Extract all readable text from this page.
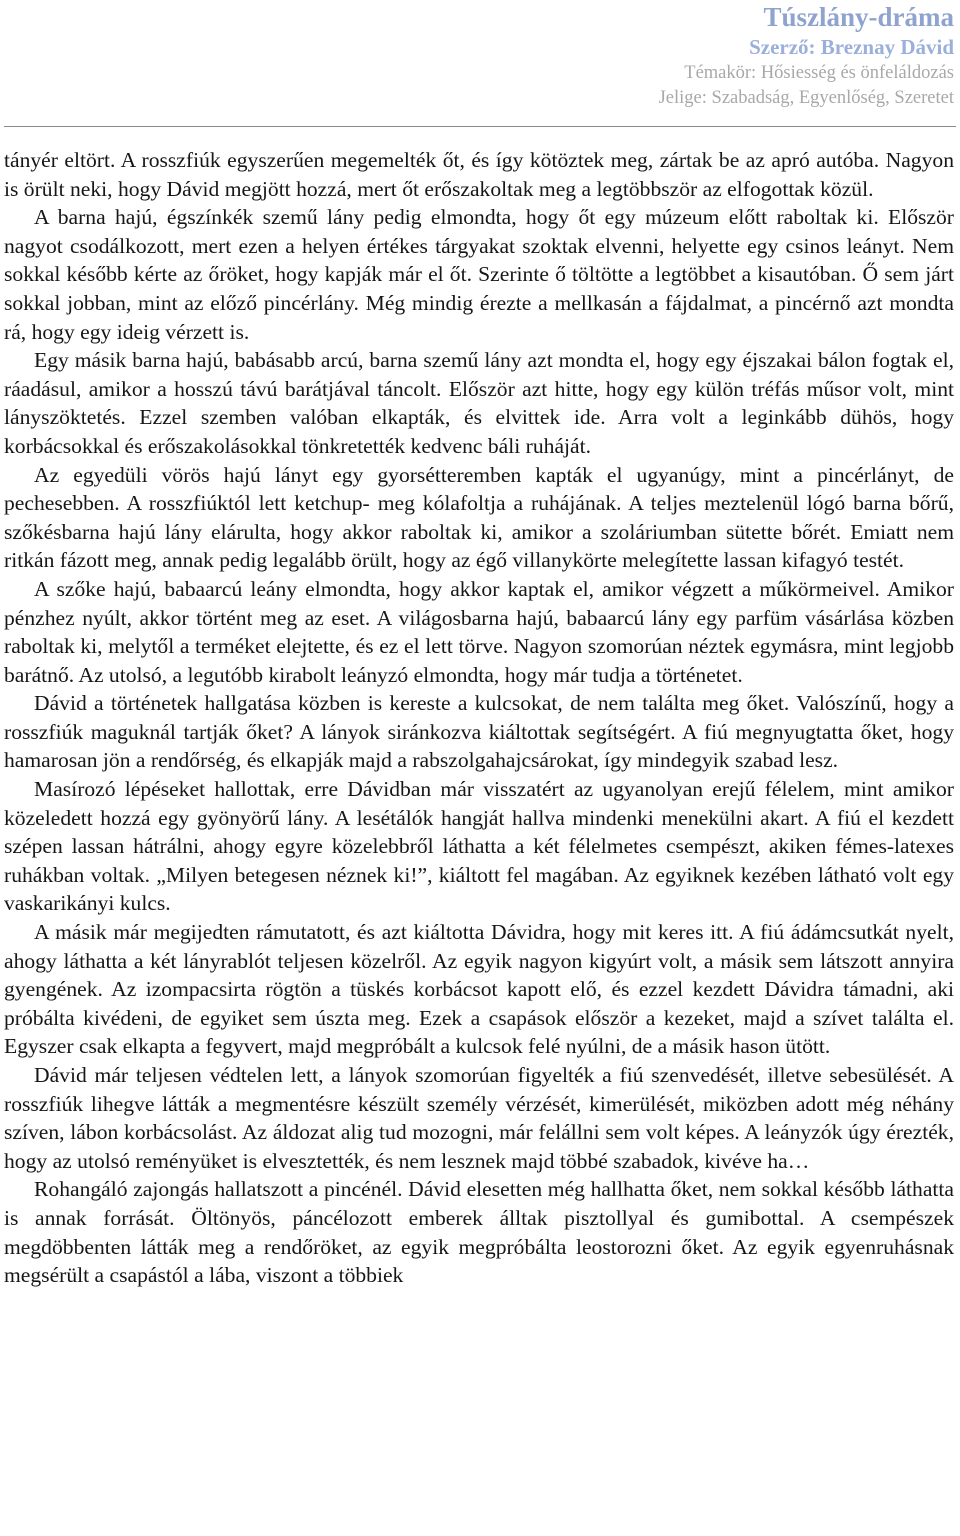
Túszlány-dráma
Szerző: Breznay Dávid
Témakör: Hősiesség és önfeláldozás
Jelige: Szabadság, Egyenlőség, Szeretet

tányér eltört. A rosszfiúk egyszerűen megemelték őt, és így kötöztek meg, zártak be az apró autóba. Nagyon is örült neki, hogy Dávid megjött hozzá, mert őt erőszakoltak meg a legtöbbször az elfogottak közül.

A barna hajú, égszínkék szemű lány pedig elmondta, hogy őt egy múzeum előtt raboltak ki. Először nagyot csodálkozott, mert ezen a helyen értékes tárgyakat szoktak elvenni, helyette egy csinos leányt. Nem sokkal később kérte az őröket, hogy kapják már el őt. Szerinte ő töltötte a legtöbbet a kisautóban. Ő sem járt sokkal jobban, mint az előző pincérlány. Még mindig érezte a mellkasán a fájdalmat, a pincérnő azt mondta rá, hogy egy ideig vérzett is.

Egy másik barna hajú, babásabb arcú, barna szemű lány azt mondta el, hogy egy éjszakai bálon fogtak el, ráadásul, amikor a hosszú távú barátjával táncolt. Először azt hitte, hogy egy külön tréfás műsor volt, mint lányszöktetés. Ezzel szemben valóban elkapták, és elvittek ide. Arra volt a leginkább dühös, hogy korbácsokkal és erőszakolásokkal tönkretették kedvenc báli ruháját.

Az egyedüli vörös hajú lányt egy gyorsétteremben kapták el ugyanúgy, mint a pincérlányt, de pechesebben. A rosszfiúktól lett ketchup- meg kólafoltja a ruhájának. A teljes meztelenül lógó barna bőrű, szőkésbarna hajú lány elárulta, hogy akkor raboltak ki, amikor a szoláriumban sütette bőrét. Emiatt nem ritkán fázott meg, annak pedig legalább örült, hogy az égő villanykörte melegítette lassan kifagyó testét.

A szőke hajú, babaarcú leány elmondta, hogy akkor kaptak el, amikor végzett a műkörmeivel. Amikor pénzhez nyúlt, akkor történt meg az eset. A világosbarna hajú, babaarcú lány egy parfüm vásárlása közben raboltak ki, melytől a terméket elejtette, és ez el lett törve. Nagyon szomorúan néztek egymásra, mint legjobb barátnő. Az utolsó, a legutóbb kirabolt leányzó elmondta, hogy már tudja a történetet.

Dávid a történetek hallgatása közben is kereste a kulcsokat, de nem találta meg őket. Valószínű, hogy a rosszfiúk maguknál tartják őket? A lányok siránkozva kiáltottak segítségért. A fiú megnyugtatta őket, hogy hamarosan jön a rendőrség, és elkapják majd a rabszolgahajcsárokat, így mindegyik szabad lesz.

Masírozó lépéseket hallottak, erre Dávidban már visszatért az ugyanolyan erejű félelem, mint amikor közeledett hozzá egy gyönyörű lány. A lesétálók hangját hallva mindenki menekülni akart. A fiú el kezdett szépen lassan hátrálni, ahogy egyre közelebbről láthatta a két félelmetes csempészt, akiken fémes-latexes ruhákban voltak. „Milyen betegesen néznek ki!”, kiáltott fel magában. Az egyiknek kezében látható volt egy vaskarikányi kulcs.

A másik már megijedten rámutatott, és azt kiáltotta Dávidra, hogy mit keres itt. A fiú ádámcsutkát nyelt, ahogy láthatta a két lányrablót teljesen közelről. Az egyik nagyon kigyúrt volt, a másik sem látszott annyira gyengének. Az izompacsirta rögtön a tüskés korbácsot kapott elő, és ezzel kezdett Dávidra támadni, aki próbálta kivédeni, de egyiket sem úszta meg. Ezek a csapások először a kezeket, majd a szívet találta el. Egyszer csak elkapta a fegyvert, majd megpróbált a kulcsok felé nyúlni, de a másik hason ütött.

Dávid már teljesen védtelen lett, a lányok szomorúan figyelték a fiú szenvedését, illetve sebesülését. A rosszfiúk lihegve látták a megmentésre készült személy vérzését, kimerülését, miközben adott még néhány szíven, lábon korbácsolást. Az áldozat alig tud mozogni, már felállni sem volt képes. A leányzók úgy érezték, hogy az utolsó reményüket is elvesztették, és nem lesznek majd többé szabadok, kivéve ha…

Rohangáló zajongás hallatszott a pincénél. Dávid elesetten még hallhatta őket, nem sokkal később láthatta is annak forrását. Öltönyös, páncélozott emberek álltak pisztollyal és gumibottal. A csempészek megdöbbenten látták meg a rendőröket, az egyik megpróbálta leostorozni őket. Az egyik egyenruhásnak megsérült a csapástól a lába, viszont a többiek
